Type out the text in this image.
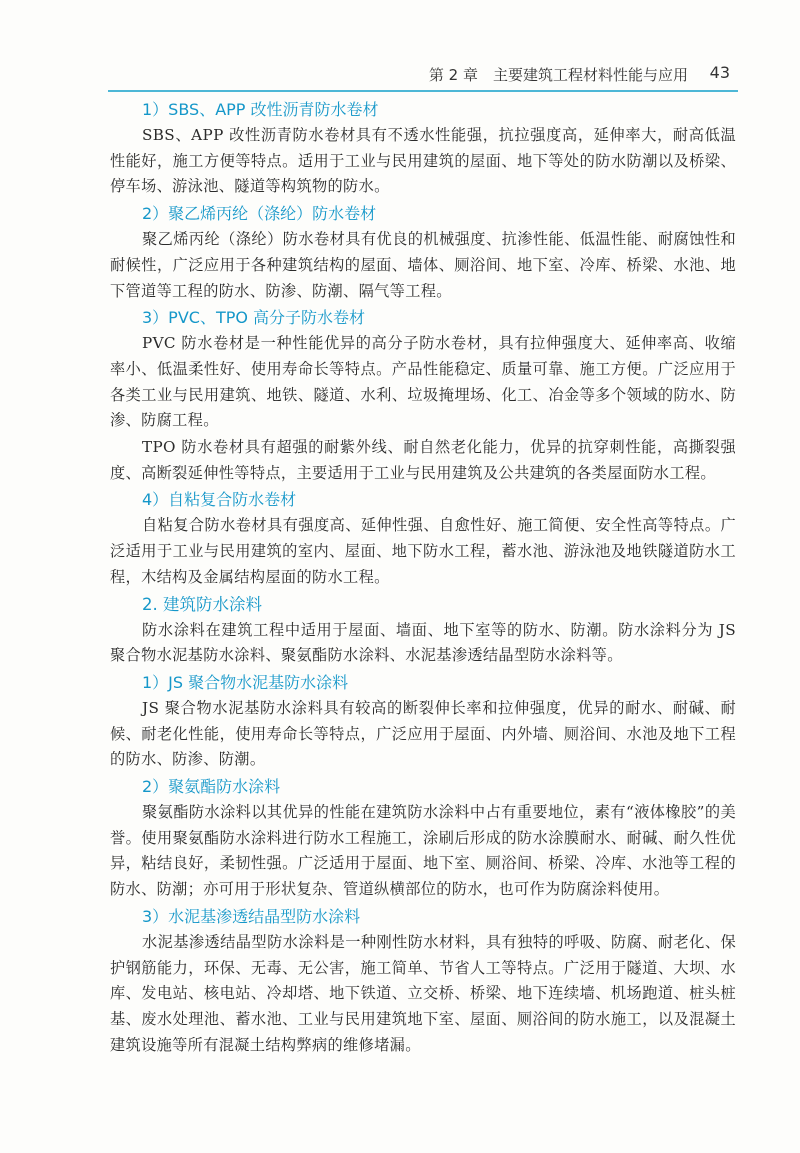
第 2 章　主要建筑工程材料性能与应用 43
1）SBS、APP 改性沥青防水卷材

SBS、APP 改性沥青防水卷材具有不透水性能强，抗拉强度高，延伸率大，耐高低温性能好，施工方便等特点。适用于工业与民用建筑的屋面、地下等处的防水防潮以及桥梁、停车场、游泳池、隧道等构筑物的防水。

2）聚乙烯丙纶（涤纶）防水卷材

聚乙烯丙纶（涤纶）防水卷材具有优良的机械强度、抗渗性能、低温性能、耐腐蚀性和耐候性，广泛应用于各种建筑结构的屋面、墙体、厕浴间、地下室、冷库、桥梁、水池、地下管道等工程的防水、防渗、防潮、隔气等工程。

3）PVC、TPO 高分子防水卷材

PVC 防水卷材是一种性能优异的高分子防水卷材，具有拉伸强度大、延伸率高、收缩率小、低温柔性好、使用寿命长等特点。产品性能稳定、质量可靠、施工方便。广泛应用于各类工业与民用建筑、地铁、隧道、水利、垃圾掩埋场、化工、冶金等多个领域的防水、防渗、防腐工程。

TPO 防水卷材具有超强的耐紫外线、耐自然老化能力，优异的抗穿刺性能，高撕裂强度、高断裂延伸性等特点，主要适用于工业与民用建筑及公共建筑的各类屋面防水工程。

4）自粘复合防水卷材

自粘复合防水卷材具有强度高、延伸性强、自愈性好、施工简便、安全性高等特点。广泛适用于工业与民用建筑的室内、屋面、地下防水工程，蓄水池、游泳池及地铁隧道防水工程，木结构及金属结构屋面的防水工程。

2. 建筑防水涂料

防水涂料在建筑工程中适用于屋面、墙面、地下室等的防水、防潮。防水涂料分为 JS 聚合物水泥基防水涂料、聚氨酯防水涂料、水泥基渗透结晶型防水涂料等。

1）JS 聚合物水泥基防水涂料

JS 聚合物水泥基防水涂料具有较高的断裂伸长率和拉伸强度，优异的耐水、耐碱、耐候、耐老化性能，使用寿命长等特点，广泛应用于屋面、内外墙、厕浴间、水池及地下工程的防水、防渗、防潮。

2）聚氨酯防水涂料

聚氨酯防水涂料以其优异的性能在建筑防水涂料中占有重要地位，素有“液体橡胶”的美誉。使用聚氨酯防水涂料进行防水工程施工，涂刷后形成的防水涂膜耐水、耐碱、耐久性优异，粘结良好，柔韧性强。广泛适用于屋面、地下室、厕浴间、桥梁、冷库、水池等工程的防水、防潮；亦可用于形状复杂、管道纵横部位的防水，也可作为防腐涂料使用。

3）水泥基渗透结晶型防水涂料

水泥基渗透结晶型防水涂料是一种刚性防水材料，具有独特的呼吸、防腐、耐老化、保护钢筋能力，环保、无毒、无公害，施工简单、节省人工等特点。广泛用于隧道、大坝、水库、发电站、核电站、冷却塔、地下铁道、立交桥、桥梁、地下连续墙、机场跑道、桩头桩基、废水处理池、蓄水池、工业与民用建筑地下室、屋面、厕浴间的防水施工，以及混凝土建筑设施等所有混凝土结构弊病的维修堵漏。
